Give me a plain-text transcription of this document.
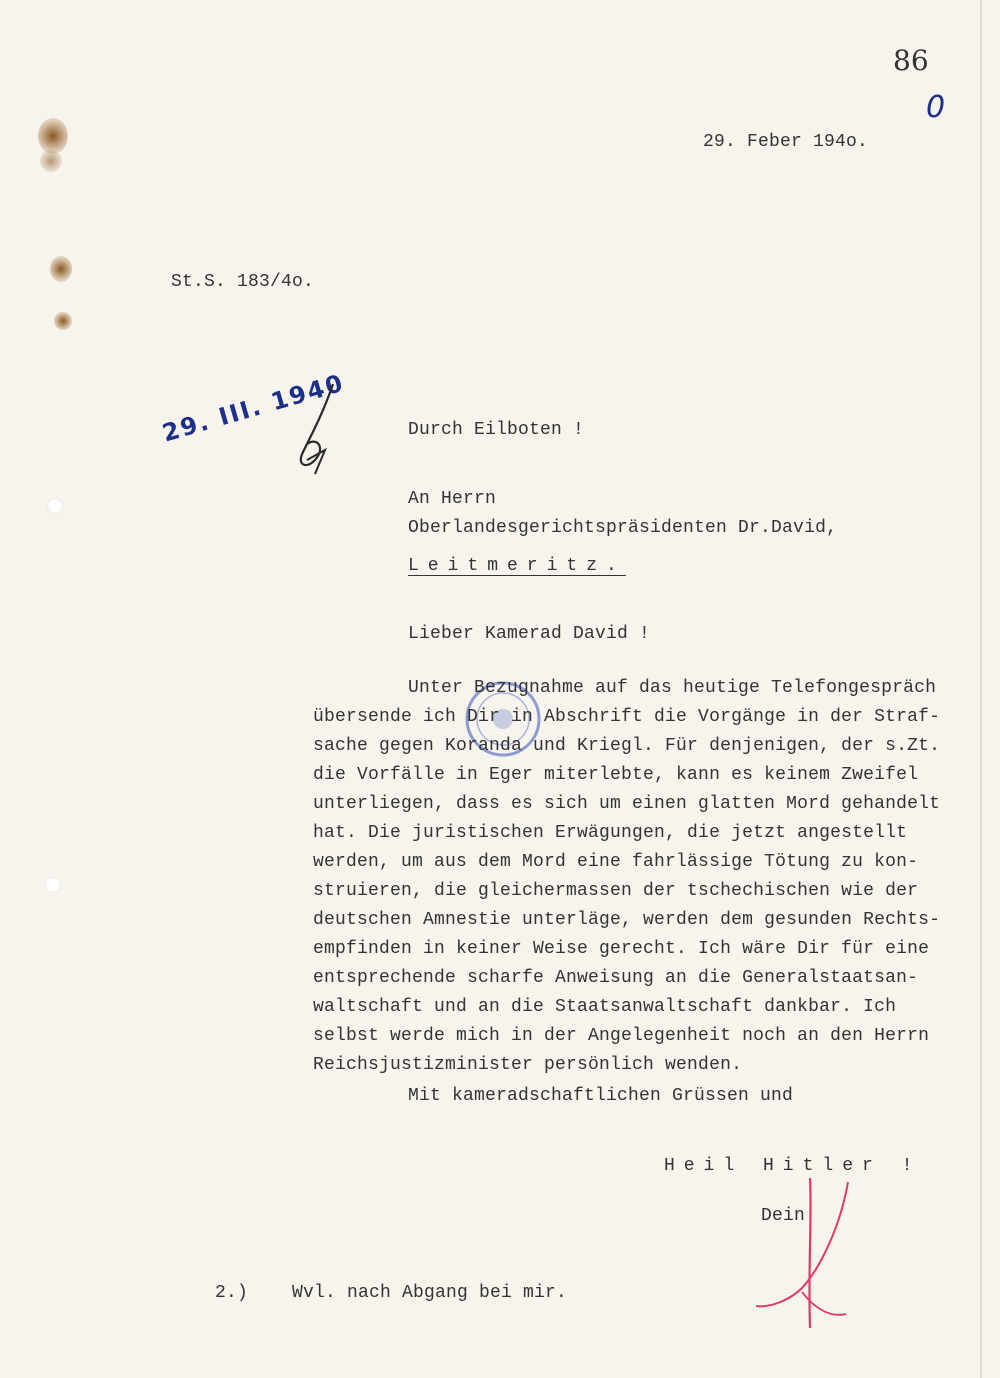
86
0
29. Feber 194o.
St.S. 183/4o.
29. III. 1940	Durch Eilboten !
An Herrn
Oberlandesgerichtspräsidenten Dr.David,
Leitmeritz.
Lieber Kamerad David !
Unter Bezugnahme auf das heutige Telefongespräch
übersende ich Dir in Abschrift die Vorgänge in der Straf-
sache gegen Koranda und Kriegl. Für denjenigen, der s.Zt.
die Vorfälle in Eger miterlebte, kann es keinem Zweifel
unterliegen, dass es sich um einen glatten Mord gehandelt
hat. Die juristischen Erwägungen, die jetzt angestellt
werden, um aus dem Mord eine fahrlässige Tötung zu kon-
struieren, die gleichermassen der tschechischen wie der
deutschen Amnestie unterläge, werden dem gesunden Rechts-
empfinden in keiner Weise gerecht. Ich wäre Dir für eine
entsprechende scharfe Anweisung an die Generalstaatsan-
waltschaft und an die Staatsanwaltschaft dankbar. Ich
selbst werde mich in der Angelegenheit noch an den Herrn
Reichsjustizminister persönlich wenden.
Mit kameradschaftlichen Grüssen und
Heil Hitler !
Dein
2.)    Wvl. nach Abgang bei mir.
